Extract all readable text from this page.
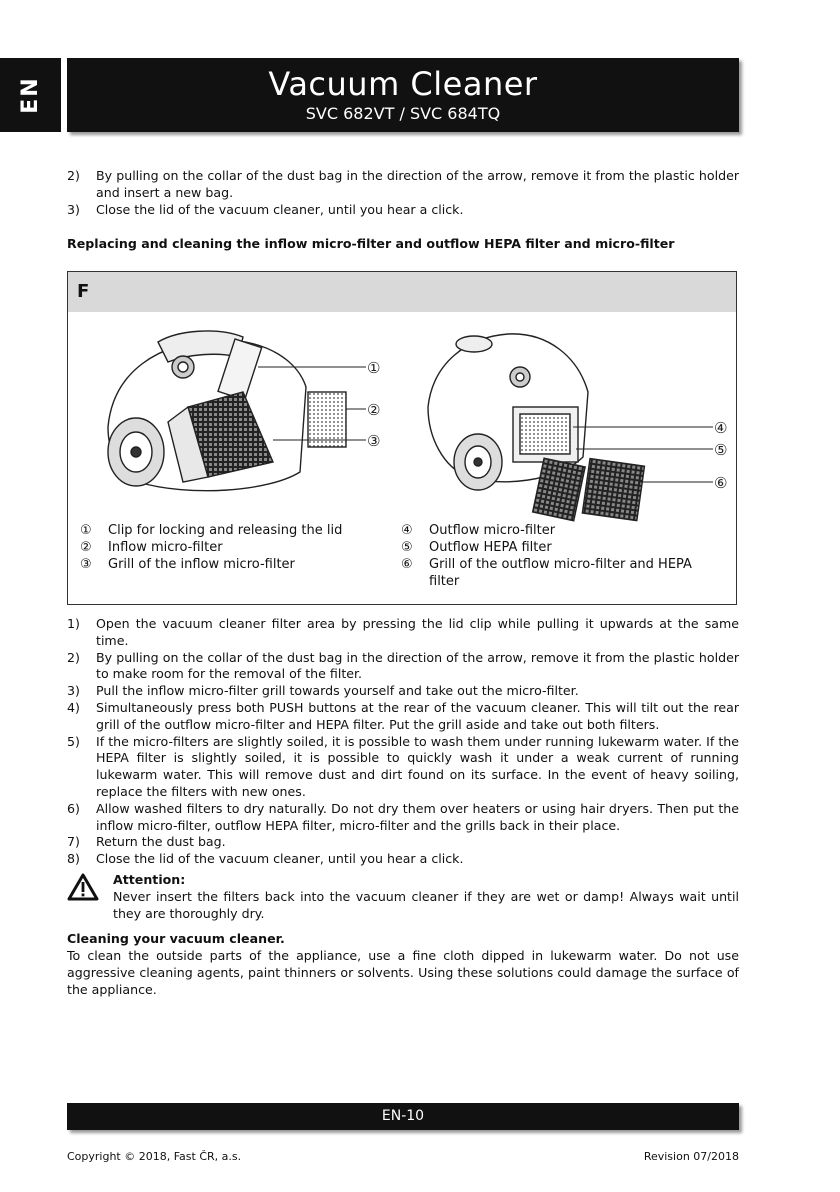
EN	Vacuum Cleaner
SVC 682VT / SVC 684TQ
2)	By pulling on the collar of the dust bag in the direction of the arrow, remove it from the plastic holder and insert a new bag.
3)	Close the lid of the vacuum cleaner, until you hear a click.
Replacing and cleaning the inflow micro-filter and outflow HEPA filter and micro-filter
F
①
②
③
④
⑤
⑥
①	Clip for locking and releasing the lid
②	Inflow micro-filter
③	Grill of the inflow micro-filter
④	Outflow micro-filter
⑤	Outflow HEPA filter
⑥	Grill of the outflow micro-filter and HEPA filter
1)	Open the vacuum cleaner filter area by pressing the lid clip while pulling it upwards at the same time.
2)	By pulling on the collar of the dust bag in the direction of the arrow, remove it from the plastic holder to make room for the removal of the filter.
3)	Pull the inflow micro-filter grill towards yourself and take out the micro-filter.
4)	Simultaneously press both PUSH buttons at the rear of the vacuum cleaner. This will tilt out the rear grill of the outflow micro-filter and HEPA filter. Put the grill aside and take out both filters.
5)	If the micro-filters are slightly soiled, it is possible to wash them under running lukewarm water. If the HEPA filter is slightly soiled, it is possible to quickly wash it under a weak current of running lukewarm water. This will remove dust and dirt found on its surface. In the event of heavy soiling, replace the filters with new ones.
6)	Allow washed filters to dry naturally. Do not dry them over heaters or using hair dryers. Then put the inflow micro-filter, outflow HEPA filter, micro-filter and the grills back in their place.
7)	Return the dust bag.
8)	Close the lid of the vacuum cleaner, until you hear a click.
Attention:
Never insert the filters back into the vacuum cleaner if they are wet or damp! Always wait until they are thoroughly dry.
Cleaning your vacuum cleaner.
To clean the outside parts of the appliance, use a fine cloth dipped in lukewarm water. Do not use aggressive cleaning agents, paint thinners or solvents. Using these solutions could damage the surface of the appliance.
EN-10
Copyright © 2018, Fast ČR, a.s.	Revision 07/2018
